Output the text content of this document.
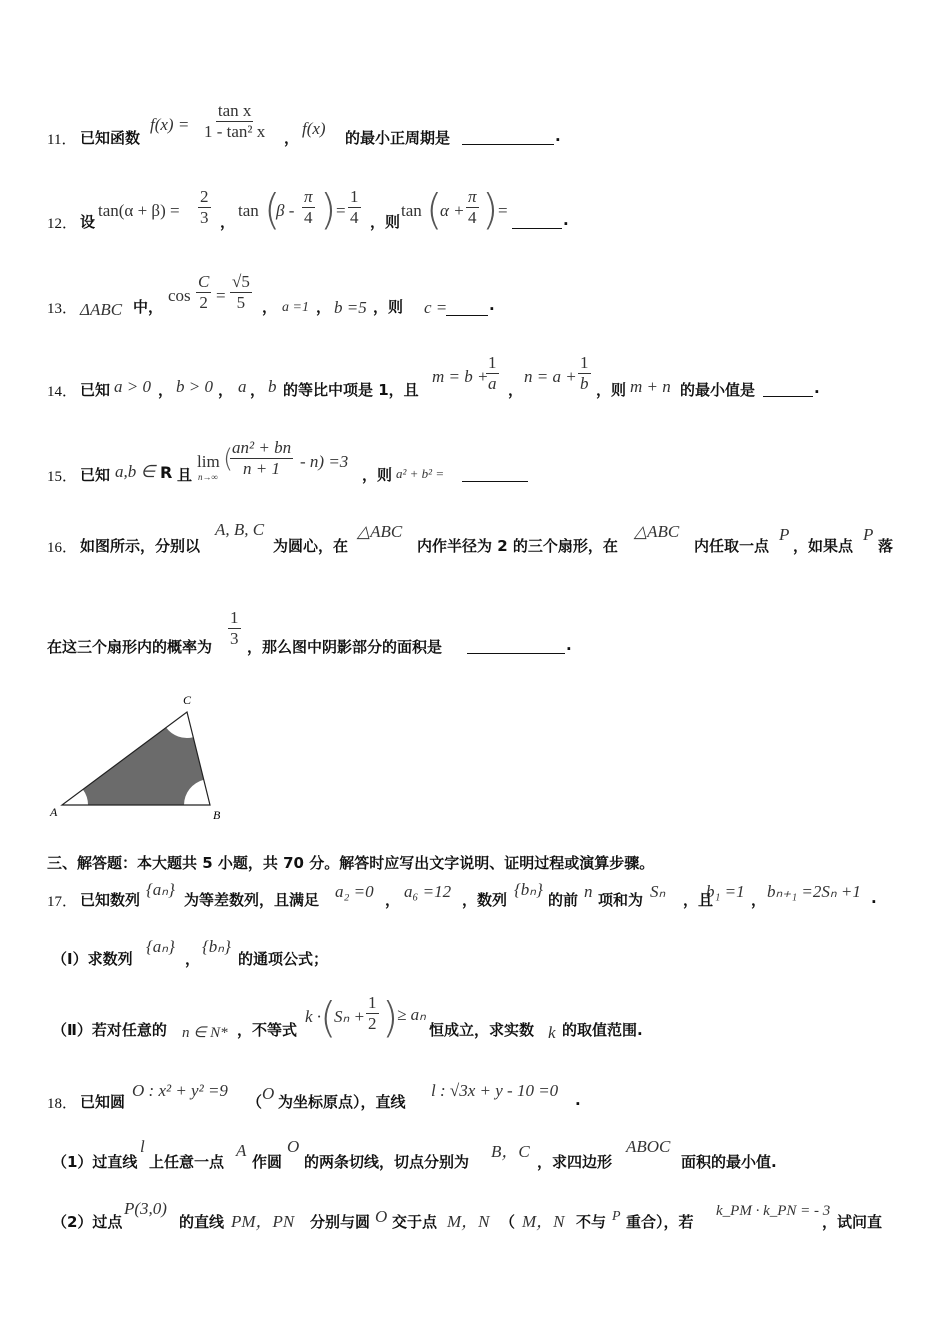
11． 已知函数
$f(x) = \frac{\text{tan x}}{\text{1 - tan² x}}$ ， f(x) 的最小正周期是	.
12． 设
$\tan(\alpha + \beta) = \frac{2}{3}$ ，
tan (
β - $\frac{\pi}{4}$ ) = $\frac{1}{4}$ ，则
tan (
$\alpha + \frac{\pi}{4}$ ) =	.
13． ΔABC 中，
$\cos \frac{C}{2} = \frac{√5}{5}$ ， a =1 ， b =5 ，则 c =	.
14． 已知 a > 0 ， b > 0 ， a ， b 的等比中项是 1，且
m = b +
$\frac{1}{a}$ ，
$n = a + \frac{1}{b}$ ，则 m + n 的最小值是	.
15． 已知 a,b ∈ R 且
lim
n→∞
(
$\frac{\text{an² + bn}}{n + 1} - n) =3$
，则 a² + b² =
16． 如图所示，分别以
A, B, C
为圆心，在
△ABC
内作半径为 2 的三个扇形，在
△ABC
内任取一点
P
，如果点
P
落
在这三个扇形内的概率为 $\frac{1}{3}$ ，那么图中阴影部分的面积是	.
A	B
C
三、解答题：本大题共 5 小题，共 70 分。解答时应写出文字说明、证明过程或演算步骤。
17． 已知数列
{aₙ}
为等差数列，且满足 a₂ =0 ， a₆ =12 ，数列
{bₙ}
的前 n 项和为 Sₙ ，且
b₁ =1 ， bₙ₊₁ =2Sₙ +1 .
（Ⅰ）求数列
{aₙ}
，
{bₙ}
的通项公式；
（Ⅱ）若对任意的 n ∈ N* ，不等式
k ·
(
$S_n + \frac{1}{2}$ )
≥ aₙ
恒成立，求实数 k 的取值范围.
18． 已知圆
O : x² + y² =9
（ O 为坐标原点），直线
l : √3x + y - 10 =0 .
（1）过直线
l
上任意一点
A
作圆
O
的两条切线，切点分别为
B，C
，求四边形
ABOC
面积的最小值.
（2）过点
P(3,0)
的直线 PM，PN 分别与圆 O 交于点 M，N （ M，N 不与 P 重合），若
k_PM · k_PN = - 3
，试问直
